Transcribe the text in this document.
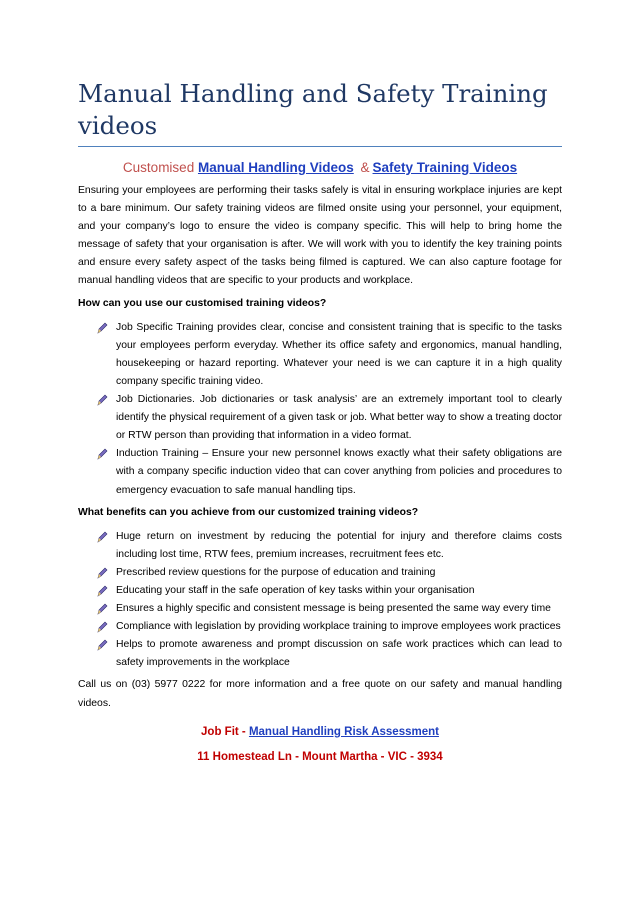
Manual Handling and Safety Training videos
Customised Manual Handling Videos & Safety Training Videos

Ensuring your employees are performing their tasks safely is vital in ensuring workplace injuries are kept to a bare minimum. Our safety training videos are filmed onsite using your personnel, your equipment, and your company’s logo to ensure the video is company specific. This will help to bring home the message of safety that your organisation is after. We will work with you to identify the key training points and ensure every safety aspect of the tasks being filmed is captured. We can also capture footage for manual handling videos that are specific to your products and workplace.

How can you use our customised training videos?
Job Specific Training provides clear, concise and consistent training that is specific to the tasks your employees perform everyday. Whether its office safety and ergonomics, manual handling, housekeeping or hazard reporting. Whatever your need is we can capture it in a high quality company specific training video.
Job Dictionaries. Job dictionaries or task analysis’ are an extremely important tool to clearly identify the physical requirement of a given task or job. What better way to show a treating doctor or RTW person than providing that information in a video format.
Induction Training – Ensure your new personnel knows exactly what their safety obligations are with a company specific induction video that can cover anything from policies and procedures to emergency evacuation to safe manual handling tips.
What benefits can you achieve from our customized training videos?
Huge return on investment by reducing the potential for injury and therefore claims costs including lost time, RTW fees, premium increases, recruitment fees etc.
Prescribed review questions for the purpose of education and training
Educating your staff in the safe operation of key tasks within your organisation
Ensures a highly specific and consistent message is being presented the same way every time
Compliance with legislation by providing workplace training to improve employees work practices
Helps to promote awareness and prompt discussion on safe work practices which can lead to safety improvements in the workplace

Call us on (03) 5977 0222 for more information and a free quote on our safety and manual handling videos.

Job Fit - Manual Handling Risk Assessment
11 Homestead Ln - Mount Martha - VIC - 3934
